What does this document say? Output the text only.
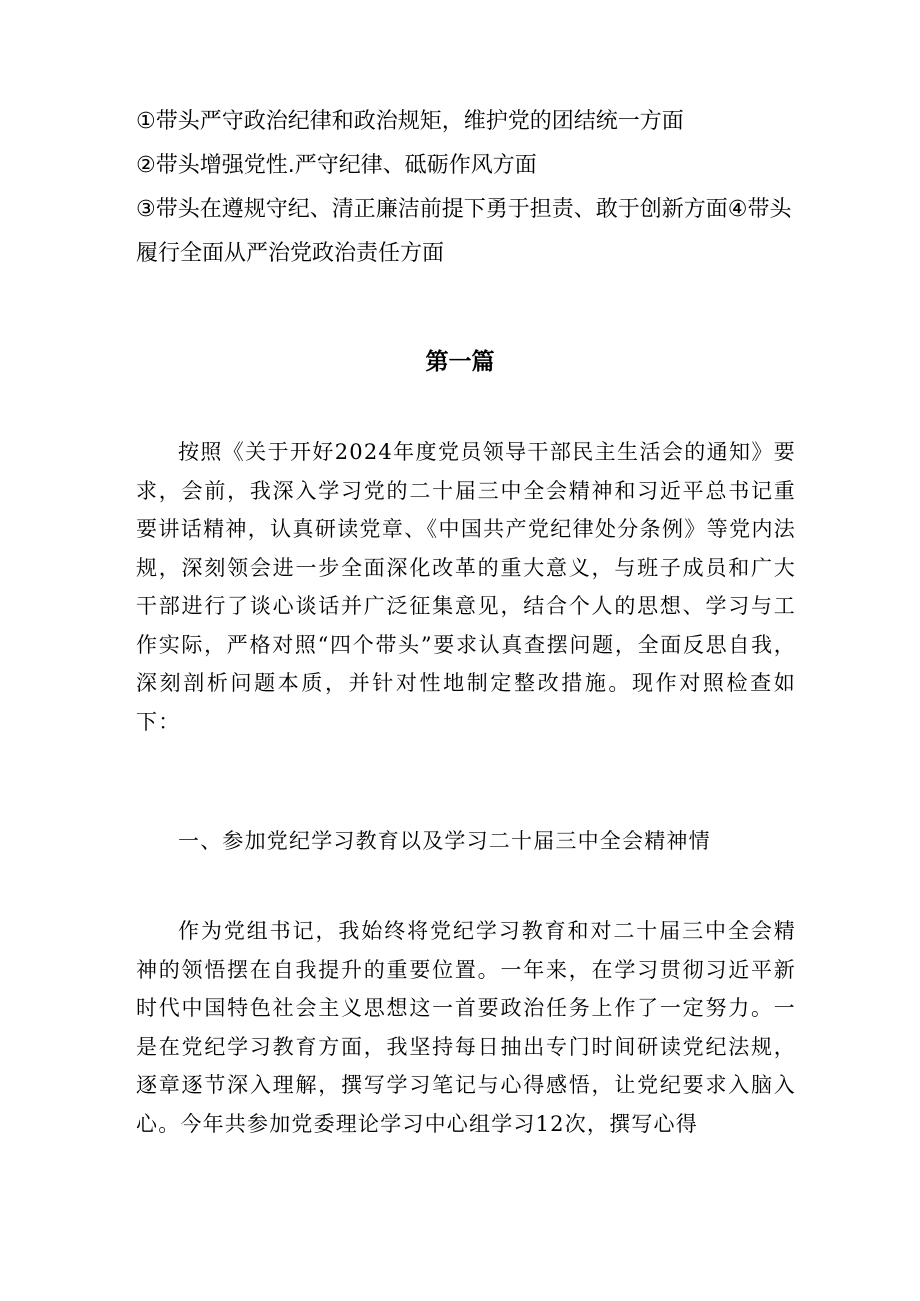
①带头严守政治纪律和政治规矩，维护党的团结统一方面
②带头增强党性.严守纪律、砥砺作风方面
③带头在遵规守纪、清正廉洁前提下勇于担责、敢于创新方面④带头
履行全面从严治党政治责任方面
第一篇

按照《关于开好2024年度党员领导干部民主生活会的通知》要求，会前，我深入学习党的二十届三中全会精神和习近平总书记重要讲话精神，认真研读党章、《中国共产党纪律处分条例》等党内法规，深刻领会进一步全面深化改革的重大意义，与班子成员和广大干部进行了谈心谈话并广泛征集意见，结合个人的思想、学习与工作实际，严格对照“四个带头”要求认真查摆问题，全面反思自我，深刻剖析问题本质，并针对性地制定整改措施。现作对照检查如下：

一、参加党纪学习教育以及学习二十届三中全会精神情

作为党组书记，我始终将党纪学习教育和对二十届三中全会精神的领悟摆在自我提升的重要位置。一年来，在学习贯彻习近平新时代中国特色社会主义思想这一首要政治任务上作了一定努力。一是在党纪学习教育方面，我坚持每日抽出专门时间研读党纪法规，逐章逐节深入理解，撰写学习笔记与心得感悟，让党纪要求入脑入心。今年共参加党委理论学习中心组学习12次，撰写心得
